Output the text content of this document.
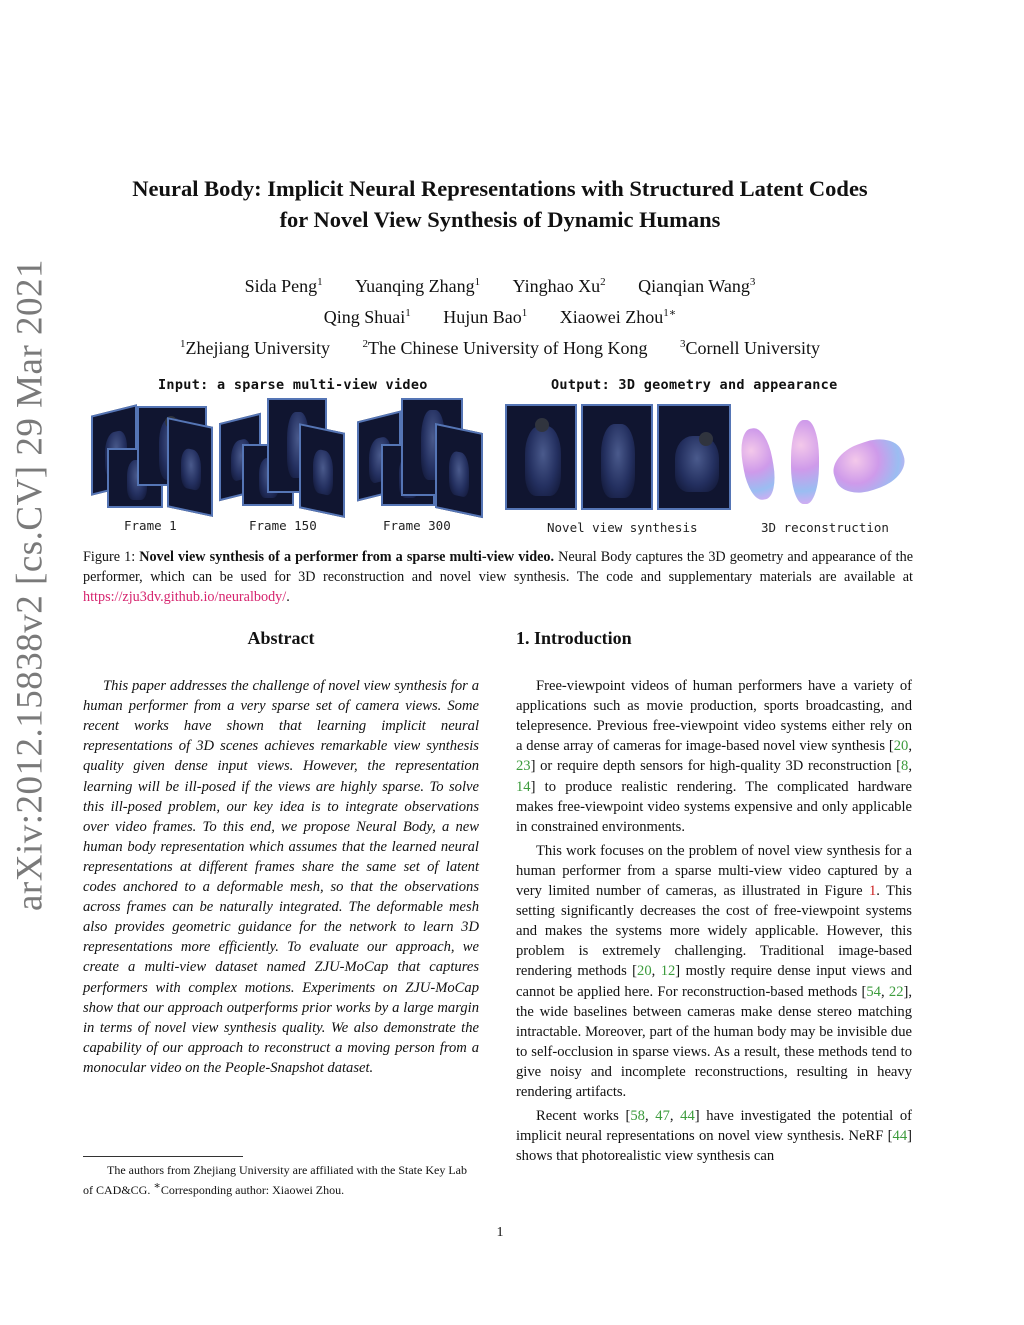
arXiv:2012.15838v2 [cs.CV] 29 Mar 2021
Neural Body: Implicit Neural Representations with Structured Latent Codes
for Novel View Synthesis of Dynamic Humans
Sida Peng$^1$ Yuanqing Zhang$^1$ Yinghao Xu$^2$ Qianqian Wang$^3$
Qing Shuai$^1$ Hujun Bao$^1$ Xiaowei Zhou$^{1∗}$
$^1$Zhejiang University	$^2$The Chinese University of Hong Kong	$^3$Cornell University
Input: a sparse multi-view video	Output: 3D geometry and appearance
Frame 1	Frame 150	Frame 300	Novel view synthesis	3D reconstruction
Figure 1: Novel view synthesis of a performer from a sparse multi-view video. Neural Body captures the 3D geometry and appearance of the performer, which can be used for 3D reconstruction and novel view synthesis. The code and supplementary materials are available at https://zju3dv.github.io/neuralbody/.
Abstract

This paper addresses the challenge of novel view synthesis for a human performer from a very sparse set of camera views. Some recent works have shown that learning implicit neural representations of 3D scenes achieves remarkable view synthesis quality given dense input views. However, the representation learning will be ill-posed if the views are highly sparse. To solve this ill-posed problem, our key idea is to integrate observations over video frames. To this end, we propose Neural Body, a new human body representation which assumes that the learned neural representations at different frames share the same set of latent codes anchored to a deformable mesh, so that the observations across frames can be naturally integrated. The deformable mesh also provides geometric guidance for the network to learn 3D representations more efficiently. To evaluate our approach, we create a multi-view dataset named ZJU-MoCap that captures performers with complex motions. Experiments on ZJU-MoCap show that our approach outperforms prior works by a large margin in terms of novel view synthesis quality. We also demonstrate the capability of our approach to reconstruct a moving person from a monocular video on the People-Snapshot dataset.

The authors from Zhejiang University are affiliated with the State Key Lab of CAD&CG. ∗Corresponding author: Xiaowei Zhou.
1. Introduction

Free-viewpoint videos of human performers have a variety of applications such as movie production, sports broadcasting, and telepresence. Previous free-viewpoint video systems either rely on a dense array of cameras for image-based novel view synthesis [20, 23] or require depth sensors for high-quality 3D reconstruction [8, 14] to produce realistic rendering. The complicated hardware makes free-viewpoint video systems expensive and only applicable in constrained environments.

This work focuses on the problem of novel view synthesis for a human performer from a sparse multi-view video captured by a very limited number of cameras, as illustrated in Figure 1. This setting significantly decreases the cost of free-viewpoint systems and makes the systems more widely applicable. However, this problem is extremely challenging. Traditional image-based rendering methods [20, 12] mostly require dense input views and cannot be applied here. For reconstruction-based methods [54, 22], the wide baselines between cameras make dense stereo matching intractable. Moreover, part of the human body may be invisible due to self-occlusion in sparse views. As a result, these methods tend to give noisy and incomplete reconstructions, resulting in heavy rendering artifacts.

Recent works [58, 47, 44] have investigated the potential of implicit neural representations on novel view synthesis. NeRF [44] shows that photorealistic view synthesis can

1
